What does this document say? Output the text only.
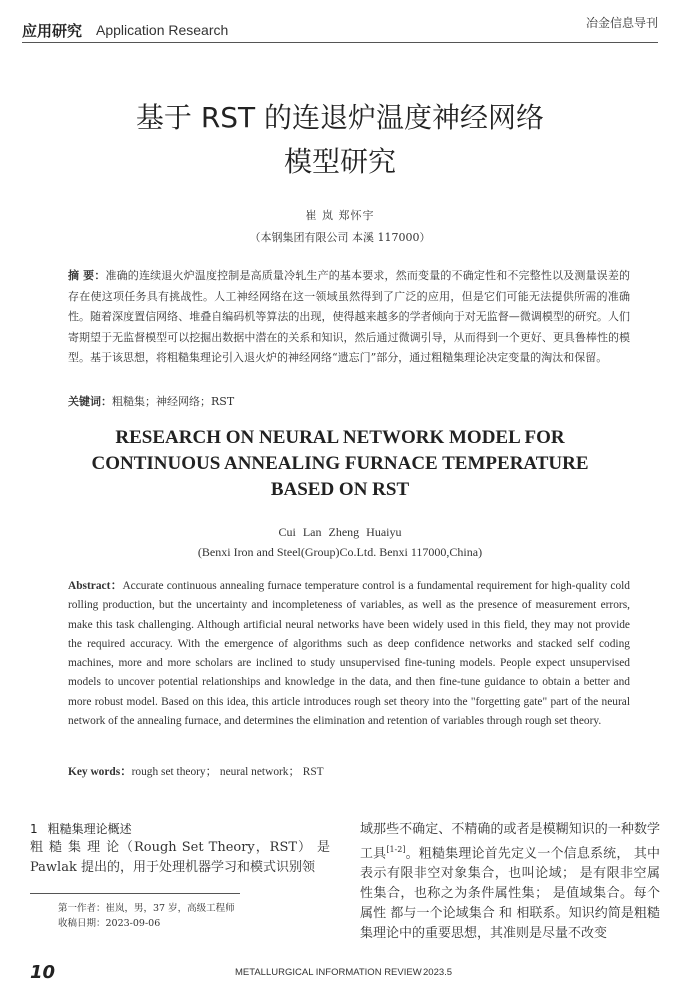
应用研究 Application Research	冶金信息导刊
基于 RST 的连退炉温度神经网络
模型研究
崔 岚 郑怀宇
（本钢集团有限公司 本溪 117000）
摘 要：准确的连续退火炉温度控制是高质量冷轧生产的基本要求，然而变量的不确定性和不完整性以及测量误差的存在使这项任务具有挑战性。人工神经网络在这一领域虽然得到了广泛的应用，但是它们可能无法提供所需的准确性。随着深度置信网络、堆叠自编码机等算法的出现，使得越来越多的学者倾向于对无监督—微调模型的研究。人们寄期望于无监督模型可以挖掘出数据中潜在的关系和知识，然后通过微调引导，从而得到一个更好、更具鲁棒性的模型。基于该思想，将粗糙集理论引入退火炉的神经网络“遗忘门”部分，通过粗糙集理论决定变量的淘汰和保留。
关键词：粗糙集；神经网络；RST
RESEARCH ON NEURAL NETWORK MODEL FOR
CONTINUOUS ANNEALING FURNACE TEMPERATURE
BASED ON RST
Cui Lan Zheng Huaiyu
(Benxi Iron and Steel(Group)Co.Ltd. Benxi 117000,China)
Abstract：Accurate continuous annealing furnace temperature control is a fundamental requirement for high-quality cold rolling production, but the uncertainty and incompleteness of variables, as well as the presence of measurement errors, make this task challenging. Although artificial neural networks have been widely used in this field, they may not provide the required accuracy. With the emergence of algorithms such as deep confidence networks and stacked self coding machines, more and more scholars are inclined to study unsupervised fine-tuning models. People expect unsupervised models to uncover potential relationships and knowledge in the data, and then fine-tune guidance to obtain a better and more robust model. Based on this idea, this article introduces rough set theory into the "forgetting gate" part of the neural network of the annealing furnace, and determines the elimination and retention of variables through rough set theory.
Key words：rough set theory； neural network； RST
1 粗糙集理论概述
粗 糙 集 理 论（Rough Set Theory，RST） 是 Pawlak 提出的，用于处理机器学习和模式识别领
域那些不确定、不精确的或者是模糊知识的一种数学工具[1-2]。粗糙集理论首先定义一个信息系统， 其中 表示有限非空对象集合，也叫论域； 是有限非空属性集合，也称之为条件属性集； 是值域集合。每个属性 都与一个论域集合 和 相联系。知识约简是粗糙集理论中的重要思想，其准则是尽量不改变
第一作者：崔岚，男，37 岁，高级工程师
收稿日期：2023-09-06
10	METALLURGICAL INFORMATION REVIEW 2023.5
